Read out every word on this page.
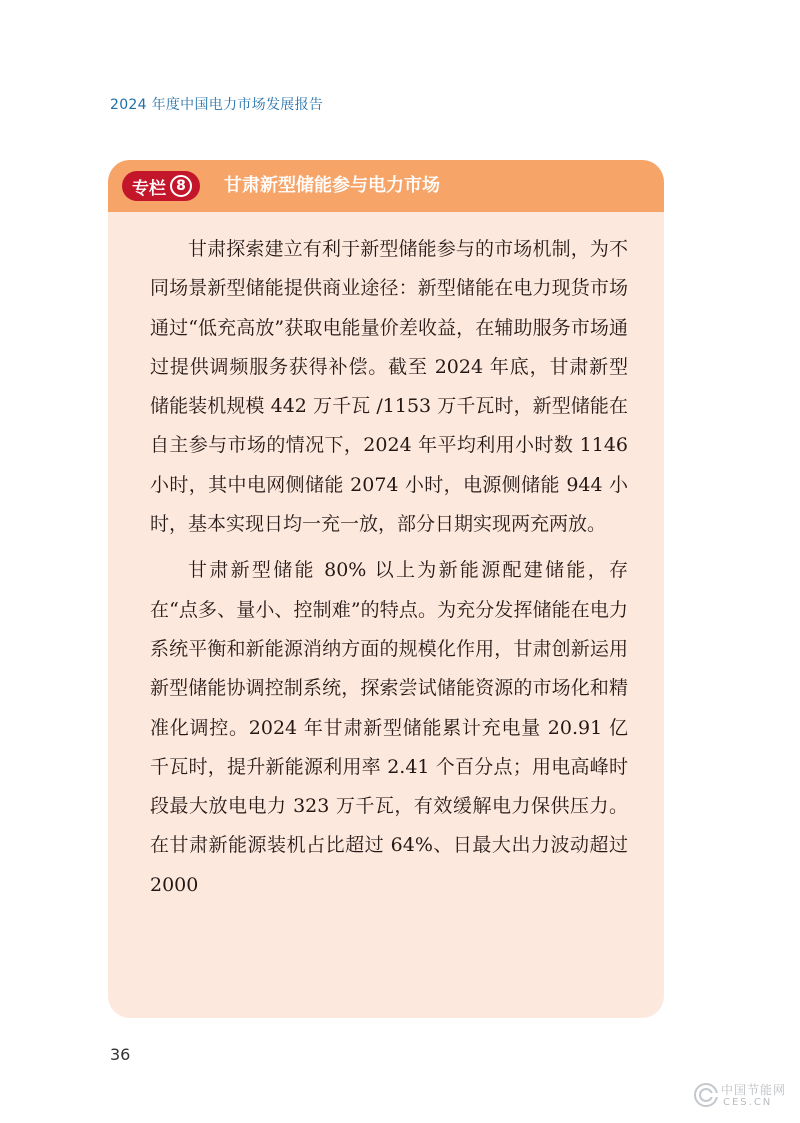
2024 年度中国电力市场发展报告
专栏 8	甘肃新型储能参与电力市场

甘肃探索建立有利于新型储能参与的市场机制，为不同场景新型储能提供商业途径：新型储能在电力现货市场通过“低充高放”获取电能量价差收益，在辅助服务市场通过提供调频服务获得补偿。截至 2024 年底，甘肃新型储能装机规模 442 万千瓦 /1153 万千瓦时，新型储能在自主参与市场的情况下，2024 年平均利用小时数 1146 小时，其中电网侧储能 2074 小时，电源侧储能 944 小时，基本实现日均一充一放，部分日期实现两充两放。

甘肃新型储能 80% 以上为新能源配建储能，存在“点多、量小、控制难”的特点。为充分发挥储能在电力系统平衡和新能源消纳方面的规模化作用，甘肃创新运用新型储能协调控制系统，探索尝试储能资源的市场化和精准化调控。2024 年甘肃新型储能累计充电量 20.91 亿千瓦时，提升新能源利用率 2.41 个百分点；用电高峰时段最大放电电力 323 万千瓦，有效缓解电力保供压力。在甘肃新能源装机占比超过 64%、日最大出力波动超过 2000

36
中国节能网
CES.CN
